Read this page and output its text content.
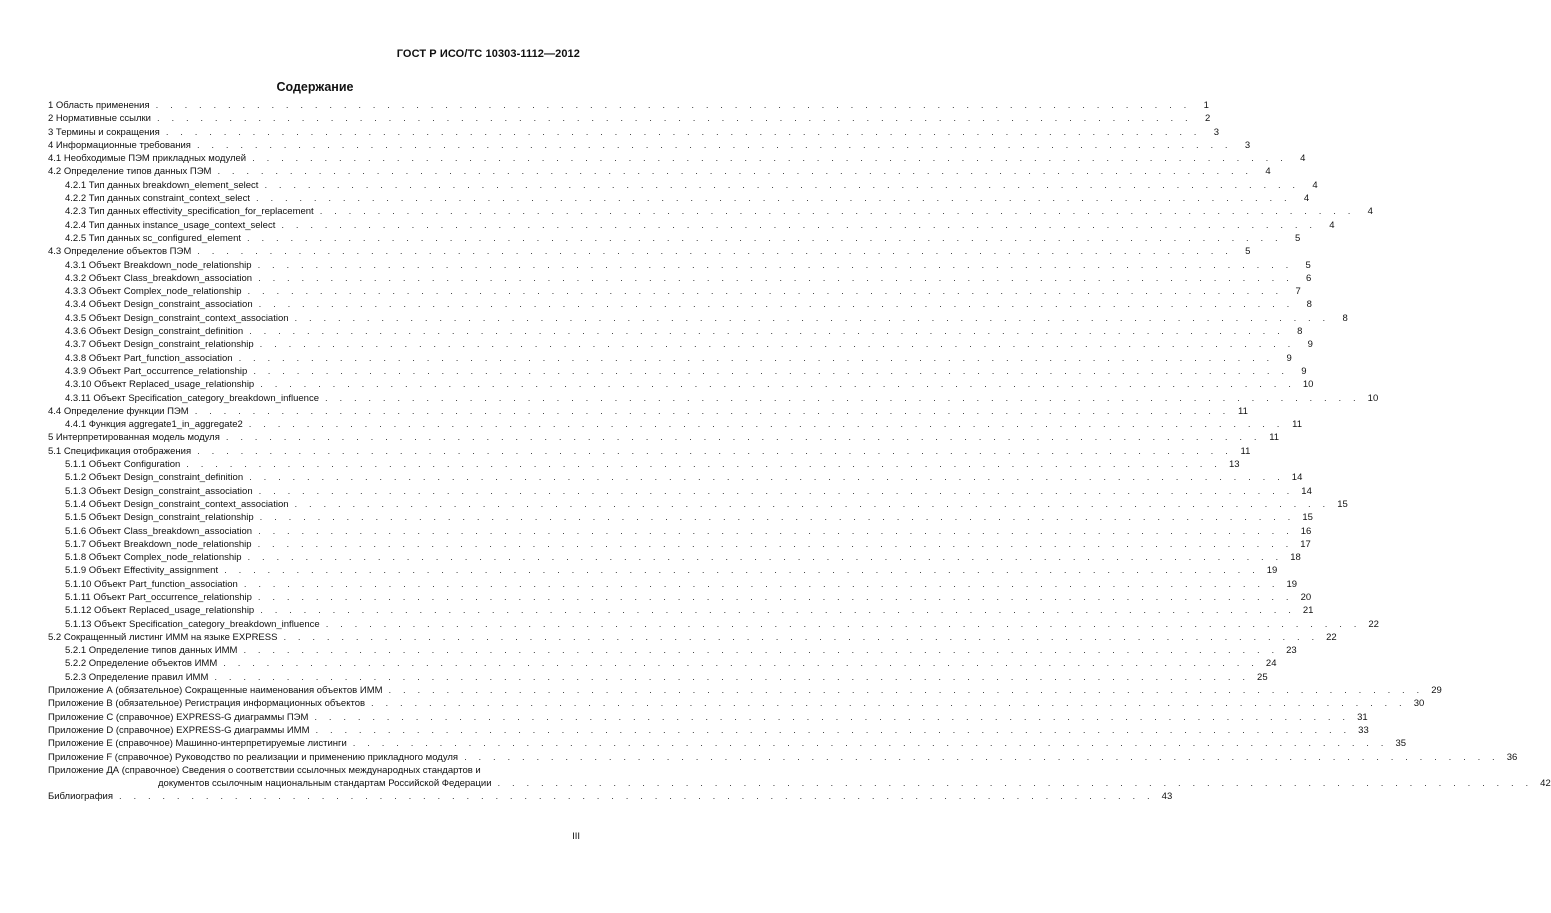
ГОСТ Р ИСО/ТС 10303-1112—2012
Содержание
1 Область применения . . . . . . . . . . . . . . . . . . . . . . . . . . . . . . . . . . . . . . . . . . . . . . . . . . . . . . . . . . . . . . . . . . . . . . . .	1
2 Нормативные ссылки . . . . . . . . . . . . . . . . . . . . . . . . . . . . . . . . . . . . . . . . . . . . . . . . . . . . . . . . . . . . . . . . . . . . . . . .	2
3 Термины и сокращения . . . . . . . . . . . . . . . . . . . . . . . . . . . . . . . . . . . . . . . . . . . . . . . . . . . . . . . . . . . . . . . . . . . . . . . .	3
4 Информационные требования . . . . . . . . . . . . . . . . . . . . . . . . . . . . . . . . . . . . . . . . . . . . . . . . . . . . . . . . . . . . . . . . . . . . . . . .	3
4.1 Необходимые ПЭМ прикладных модулей . . . . . . . . . . . . . . . . . . . . . . . . . . . . . . . . . . . . . . . . . . . . . . . . . . . . . . . . . . . . . . . . . . . . . . . .	4
4.2 Определение типов данных ПЭМ . . . . . . . . . . . . . . . . . . . . . . . . . . . . . . . . . . . . . . . . . . . . . . . . . . . . . . . . . . . . . . . . . . . . . . . .	4
4.2.1 Тип данных breakdown_element_select . . . . . . . . . . . . . . . . . . . . . . . . . . . . . . . . . . . . . . . . . . . . . . . . . . . . . . . . . . . . . . . . . . . . . . . .	4
4.2.2 Тип данных constraint_context_select . . . . . . . . . . . . . . . . . . . . . . . . . . . . . . . . . . . . . . . . . . . . . . . . . . . . . . . . . . . . . . . . . . . . . . . .	4
4.2.3 Тип данных effectivity_specification_for_replacement . . . . . . . . . . . . . . . . . . . . . . . . . . . . . . . . . . . . . . . . . . . . . . . . . . . . . . . . . . . . . . . . . . . . . . . .	4
4.2.4 Тип данных instance_usage_context_select . . . . . . . . . . . . . . . . . . . . . . . . . . . . . . . . . . . . . . . . . . . . . . . . . . . . . . . . . . . . . . . . . . . . . . . .	4
4.2.5 Тип данных sc_configured_element . . . . . . . . . . . . . . . . . . . . . . . . . . . . . . . . . . . . . . . . . . . . . . . . . . . . . . . . . . . . . . . . . . . . . . . .	5
4.3 Определение объектов ПЭМ . . . . . . . . . . . . . . . . . . . . . . . . . . . . . . . . . . . . . . . . . . . . . . . . . . . . . . . . . . . . . . . . . . . . . . . .	5
4.3.1 Объект Breakdown_node_relationship . . . . . . . . . . . . . . . . . . . . . . . . . . . . . . . . . . . . . . . . . . . . . . . . . . . . . . . . . . . . . . . . . . . . . . . .	5
4.3.2 Объект Class_breakdown_association . . . . . . . . . . . . . . . . . . . . . . . . . . . . . . . . . . . . . . . . . . . . . . . . . . . . . . . . . . . . . . . . . . . . . . . .	6
4.3.3 Объект Complex_node_relationship . . . . . . . . . . . . . . . . . . . . . . . . . . . . . . . . . . . . . . . . . . . . . . . . . . . . . . . . . . . . . . . . . . . . . . . .	7
4.3.4 Объект Design_constraint_association . . . . . . . . . . . . . . . . . . . . . . . . . . . . . . . . . . . . . . . . . . . . . . . . . . . . . . . . . . . . . . . . . . . . . . . .	8
4.3.5 Объект Design_constraint_context_association . . . . . . . . . . . . . . . . . . . . . . . . . . . . . . . . . . . . . . . . . . . . . . . . . . . . . . . . . . . . . . . . . . . . . . . .	8
4.3.6 Объект Design_constraint_definition . . . . . . . . . . . . . . . . . . . . . . . . . . . . . . . . . . . . . . . . . . . . . . . . . . . . . . . . . . . . . . . . . . . . . . . .	8
4.3.7 Объект Design_constraint_relationship . . . . . . . . . . . . . . . . . . . . . . . . . . . . . . . . . . . . . . . . . . . . . . . . . . . . . . . . . . . . . . . . . . . . . . . .	9
4.3.8 Объект Part_function_association . . . . . . . . . . . . . . . . . . . . . . . . . . . . . . . . . . . . . . . . . . . . . . . . . . . . . . . . . . . . . . . . . . . . . . . .	9
4.3.9 Объект Part_occurrence_relationship . . . . . . . . . . . . . . . . . . . . . . . . . . . . . . . . . . . . . . . . . . . . . . . . . . . . . . . . . . . . . . . . . . . . . . . .	9
4.3.10 Объект Replaced_usage_relationship . . . . . . . . . . . . . . . . . . . . . . . . . . . . . . . . . . . . . . . . . . . . . . . . . . . . . . . . . . . . . . . . . . . . . . . . 10
4.3.11 Объект Specification_category_breakdown_influence . . . . . . . . . . . . . . . . . . . . . . . . . . . . . . . . . . . . . . . . . . . . . . . . . . . . . . . . . . . . . . . . . . . . . . . . 10
4.4 Определение функции ПЭМ . . . . . . . . . . . . . . . . . . . . . . . . . . . . . . . . . . . . . . . . . . . . . . . . . . . . . . . . . . . . . . . . . . . . . . . . 11
4.4.1 Функция aggregate1_in_aggregate2 . . . . . . . . . . . . . . . . . . . . . . . . . . . . . . . . . . . . . . . . . . . . . . . . . . . . . . . . . . . . . . . . . . . . . . . . 11
5 Интерпретированная модель модуля . . . . . . . . . . . . . . . . . . . . . . . . . . . . . . . . . . . . . . . . . . . . . . . . . . . . . . . . . . . . . . . . . . . . . . . . 11
5.1 Спецификация отображения . . . . . . . . . . . . . . . . . . . . . . . . . . . . . . . . . . . . . . . . . . . . . . . . . . . . . . . . . . . . . . . . . . . . . . . . 11
5.1.1 Объект Configuration . . . . . . . . . . . . . . . . . . . . . . . . . . . . . . . . . . . . . . . . . . . . . . . . . . . . . . . . . . . . . . . . . . . . . . . . 13
5.1.2 Объект Design_constraint_definition . . . . . . . . . . . . . . . . . . . . . . . . . . . . . . . . . . . . . . . . . . . . . . . . . . . . . . . . . . . . . . . . . . . . . . . . 14
5.1.3 Объект Design_constraint_association . . . . . . . . . . . . . . . . . . . . . . . . . . . . . . . . . . . . . . . . . . . . . . . . . . . . . . . . . . . . . . . . . . . . . . . . 14
5.1.4 Объект Design_constraint_context_association . . . . . . . . . . . . . . . . . . . . . . . . . . . . . . . . . . . . . . . . . . . . . . . . . . . . . . . . . . . . . . . . . . . . . . . . 15
5.1.5 Объект Design_constraint_relationship . . . . . . . . . . . . . . . . . . . . . . . . . . . . . . . . . . . . . . . . . . . . . . . . . . . . . . . . . . . . . . . . . . . . . . . . 15
5.1.6 Объект Class_breakdown_association . . . . . . . . . . . . . . . . . . . . . . . . . . . . . . . . . . . . . . . . . . . . . . . . . . . . . . . . . . . . . . . . . . . . . . . . 16
5.1.7 Объект Breakdown_node_relationship . . . . . . . . . . . . . . . . . . . . . . . . . . . . . . . . . . . . . . . . . . . . . . . . . . . . . . . . . . . . . . . . . . . . . . . . 17
5.1.8 Объект Complex_node_relationship . . . . . . . . . . . . . . . . . . . . . . . . . . . . . . . . . . . . . . . . . . . . . . . . . . . . . . . . . . . . . . . . . . . . . . . . 18
5.1.9 Объект Effectivity_assignment . . . . . . . . . . . . . . . . . . . . . . . . . . . . . . . . . . . . . . . . . . . . . . . . . . . . . . . . . . . . . . . . . . . . . . . . 19
5.1.10 Объект Part_function_association . . . . . . . . . . . . . . . . . . . . . . . . . . . . . . . . . . . . . . . . . . . . . . . . . . . . . . . . . . . . . . . . . . . . . . . . 19
5.1.11 Объект Part_occurrence_relationship . . . . . . . . . . . . . . . . . . . . . . . . . . . . . . . . . . . . . . . . . . . . . . . . . . . . . . . . . . . . . . . . . . . . . . . . 20
5.1.12 Объект Replaced_usage_relationship . . . . . . . . . . . . . . . . . . . . . . . . . . . . . . . . . . . . . . . . . . . . . . . . . . . . . . . . . . . . . . . . . . . . . . . . 21
5.1.13 Объект Specification_category_breakdown_influence . . . . . . . . . . . . . . . . . . . . . . . . . . . . . . . . . . . . . . . . . . . . . . . . . . . . . . . . . . . . . . . . . . . . . . . . 22
5.2 Сокращенный листинг ИММ на языке EXPRESS . . . . . . . . . . . . . . . . . . . . . . . . . . . . . . . . . . . . . . . . . . . . . . . . . . . . . . . . . . . . . . . . . . . . . . . . 22
5.2.1 Определение типов данных ИММ . . . . . . . . . . . . . . . . . . . . . . . . . . . . . . . . . . . . . . . . . . . . . . . . . . . . . . . . . . . . . . . . . . . . . . . . 23
5.2.2 Определение объектов ИММ . . . . . . . . . . . . . . . . . . . . . . . . . . . . . . . . . . . . . . . . . . . . . . . . . . . . . . . . . . . . . . . . . . . . . . . . 24
5.2.3 Определение правил ИММ . . . . . . . . . . . . . . . . . . . . . . . . . . . . . . . . . . . . . . . . . . . . . . . . . . . . . . . . . . . . . . . . . . . . . . . . 25
Приложение А (обязательное) Сокращенные наименования объектов ИММ . . . . . . . . . . . . . . . . . . . . . . . . . . . . . . . . . . . . . . . . . . . . . . . . . . . . . . . . . . . . . . . . . . . . . . . . 29
Приложение В (обязательное) Регистрация информационных объектов . . . . . . . . . . . . . . . . . . . . . . . . . . . . . . . . . . . . . . . . . . . . . . . . . . . . . . . . . . . . . . . . . . . . . . . . 30
Приложение С (справочное) EXPRESS-G диаграммы ПЭМ . . . . . . . . . . . . . . . . . . . . . . . . . . . . . . . . . . . . . . . . . . . . . . . . . . . . . . . . . . . . . . . . . . . . . . . . 31
Приложение D (справочное) EXPRESS-G диаграммы ИММ . . . . . . . . . . . . . . . . . . . . . . . . . . . . . . . . . . . . . . . . . . . . . . . . . . . . . . . . . . . . . . . . . . . . . . . . 33
Приложение Е (справочное) Машинно-интерпретируемые листинги . . . . . . . . . . . . . . . . . . . . . . . . . . . . . . . . . . . . . . . . . . . . . . . . . . . . . . . . . . . . . . . . . . . . . . . . 35
Приложение F (справочное) Руководство по реализации и применению прикладного модуля . . . . . . . . . . . . . . . . . . . . . . . . . . . . . . . . . . . . . . . . . . . . . . . . . . . . . . . . . . . . . . . . . . . . . . . . 36
Приложение ДА (справочное) Сведения о соответствии ссылочных международных стандартов и
документов ссылочным национальным стандартам Российской Федерации . . . . . . . . . . . . . . . . . . . . . . . . . . . . . . . . . . . . . . . . . . . . . . . . . . . . . . . . . . . . . . . . . . . . . . . . 42
Библиография . . . . . . . . . . . . . . . . . . . . . . . . . . . . . . . . . . . . . . . . . . . . . . . . . . . . . . . . . . . . . . . . . . . . . . . . 43
III
